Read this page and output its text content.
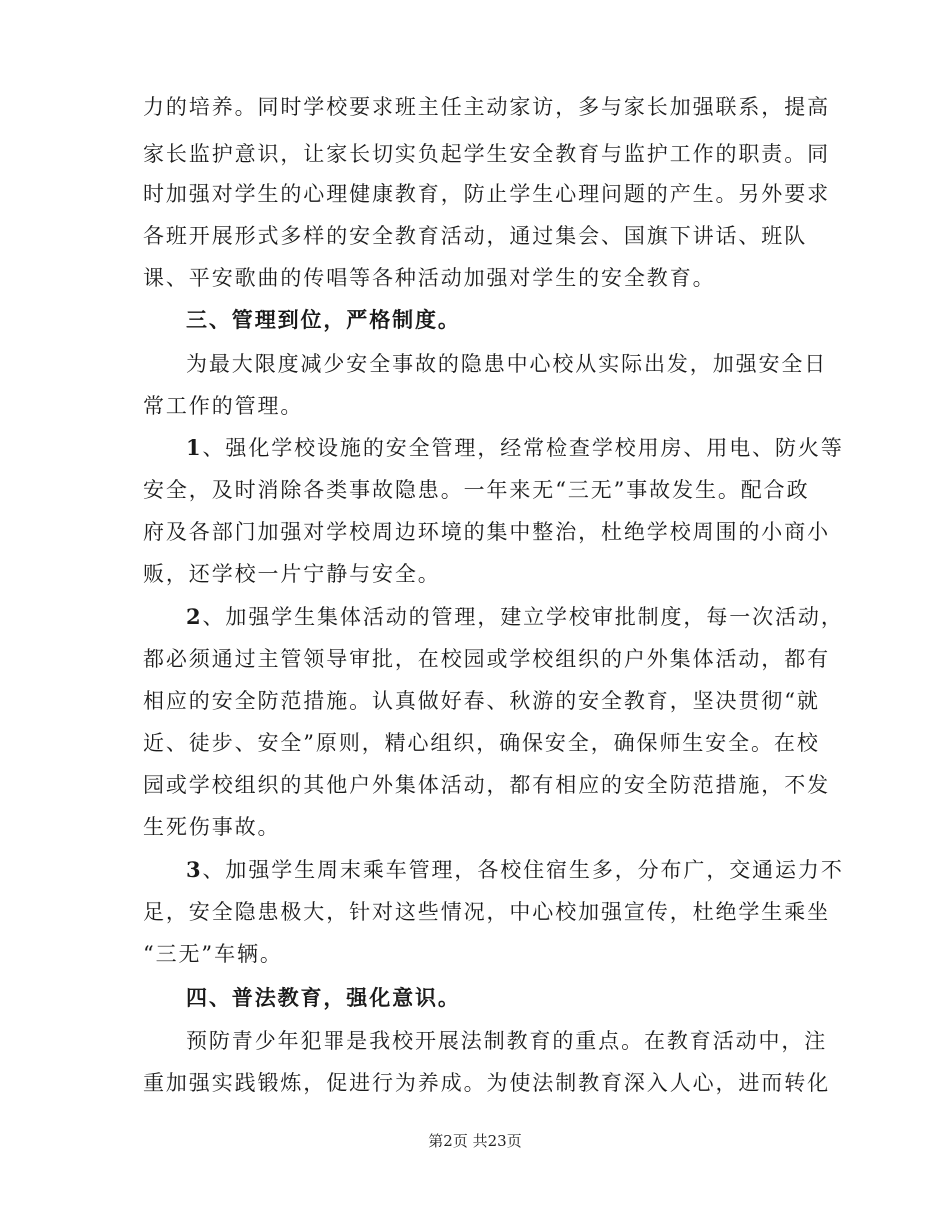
力的培养。同时学校要求班主任主动家访，多与家长加强联系，提高
家长监护意识，让家长切实负起学生安全教育与监护工作的职责。同
时加强对学生的心理健康教育，防止学生心理问题的产生。另外要求
各班开展形式多样的安全教育活动，通过集会、国旗下讲话、班队
课、平安歌曲的传唱等各种活动加强对学生的安全教育。
三、管理到位，严格制度。
为最大限度减少安全事故的隐患中心校从实际出发，加强安全日
常工作的管理。
1、强化学校设施的安全管理，经常检查学校用房、用电、防火等
安全，及时消除各类事故隐患。一年来无“三无”事故发生。配合政
府及各部门加强对学校周边环境的集中整治，杜绝学校周围的小商小
贩，还学校一片宁静与安全。
2、加强学生集体活动的管理，建立学校审批制度，每一次活动，
都必须通过主管领导审批，在校园或学校组织的户外集体活动，都有
相应的安全防范措施。认真做好春、秋游的安全教育，坚决贯彻“就
近、徒步、安全”原则，精心组织，确保安全，确保师生安全。在校
园或学校组织的其他户外集体活动，都有相应的安全防范措施，不发
生死伤事故。
3、加强学生周末乘车管理，各校住宿生多，分布广，交通运力不
足，安全隐患极大，针对这些情况，中心校加强宣传，杜绝学生乘坐
“三无”车辆。
四、普法教育，强化意识。
预防青少年犯罪是我校开展法制教育的重点。在教育活动中，注
重加强实践锻炼，促进行为养成。为使法制教育深入人心，进而转化
第2页 共23页
